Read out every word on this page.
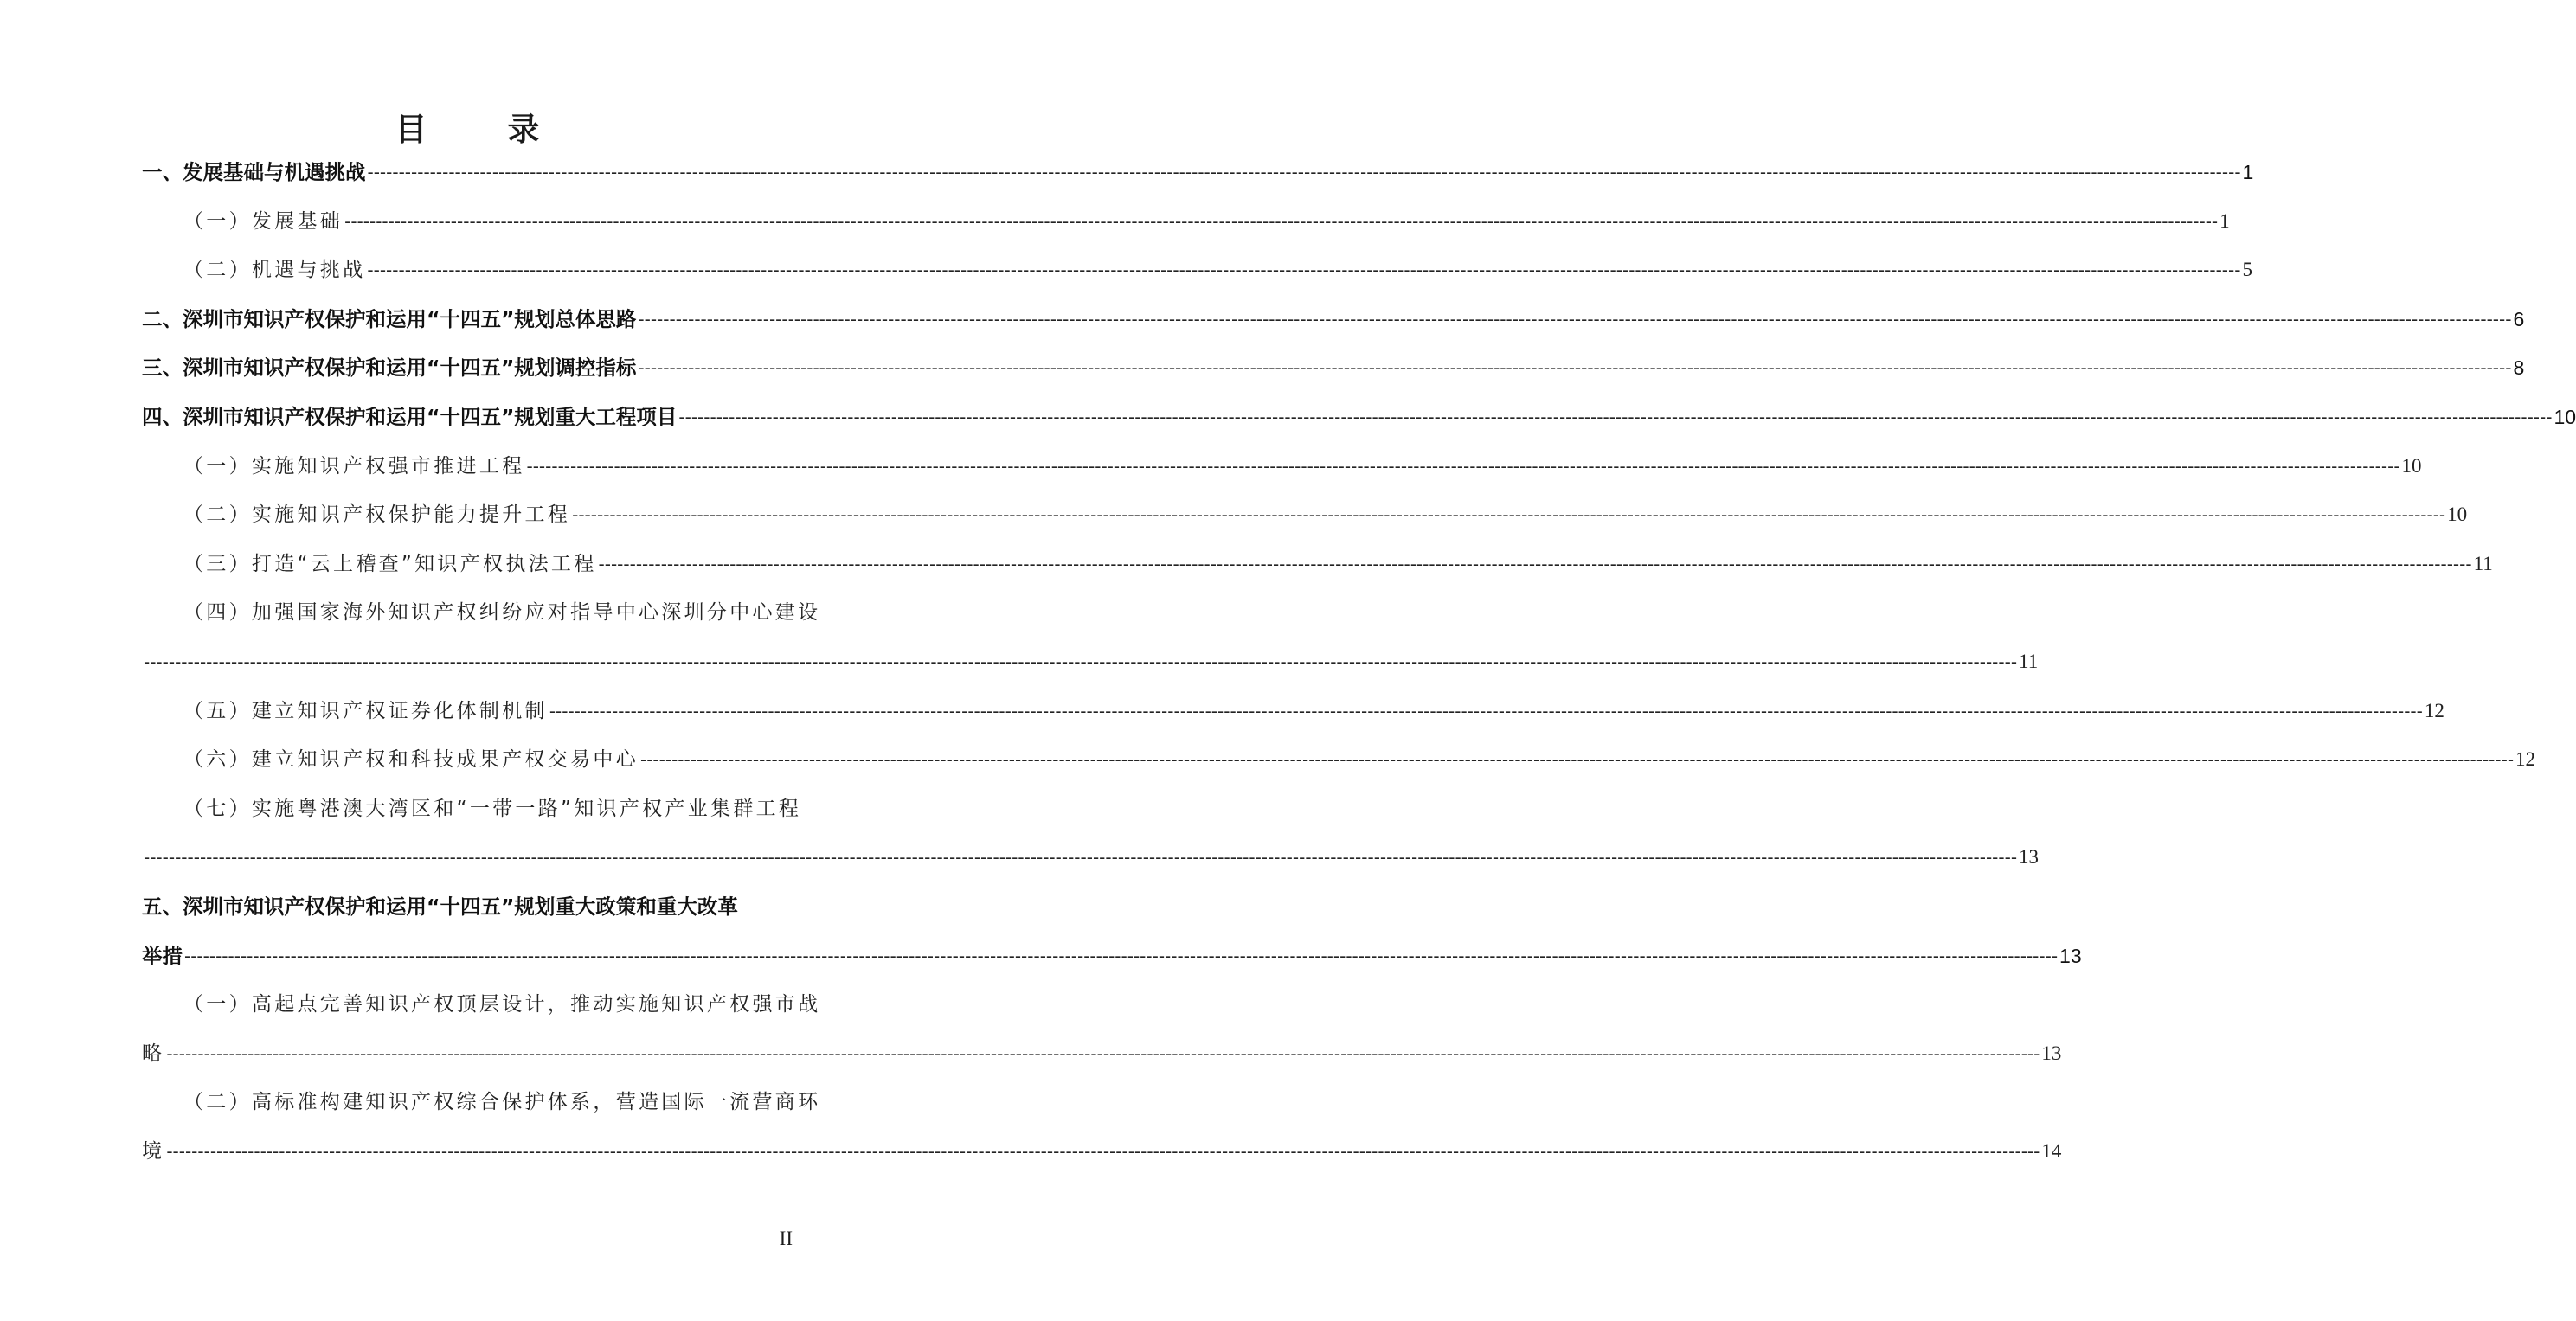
目 录
一、发展基础与机遇挑战 ------------------------------------------------------------------------------------------------------------------------------------------------------------------------------------------------------------------------------------------------------------------------------------------------------------ 1
（一）发展基础 ------------------------------------------------------------------------------------------------------------------------------------------------------------------------------------------------------------------------------------------------------------------------------------------------------------ 1
（二）机遇与挑战 ------------------------------------------------------------------------------------------------------------------------------------------------------------------------------------------------------------------------------------------------------------------------------------------------------------ 5
二、深圳市知识产权保护和运用“十四五”规划总体思路 ------------------------------------------------------------------------------------------------------------------------------------------------------------------------------------------------------------------------------------------------------------------------------------------------------------ 6
三、深圳市知识产权保护和运用“十四五”规划调控指标 ------------------------------------------------------------------------------------------------------------------------------------------------------------------------------------------------------------------------------------------------------------------------------------------------------------ 8
四、深圳市知识产权保护和运用“十四五”规划重大工程项目 ------------------------------------------------------------------------------------------------------------------------------------------------------------------------------------------------------------------------------------------------------------------------------------------------------------ 10
（一）实施知识产权强市推进工程 ------------------------------------------------------------------------------------------------------------------------------------------------------------------------------------------------------------------------------------------------------------------------------------------------------------ 10
（二）实施知识产权保护能力提升工程 ------------------------------------------------------------------------------------------------------------------------------------------------------------------------------------------------------------------------------------------------------------------------------------------------------------ 10
（三）打造“云上稽查”知识产权执法工程 ------------------------------------------------------------------------------------------------------------------------------------------------------------------------------------------------------------------------------------------------------------------------------------------------------------ 11
（四）加强国家海外知识产权纠纷应对指导中心深圳分中心建设
------------------------------------------------------------------------------------------------------------------------------------------------------------------------------------------------------------------------------------------------------------------------------------------------------------ 11
（五）建立知识产权证券化体制机制 ------------------------------------------------------------------------------------------------------------------------------------------------------------------------------------------------------------------------------------------------------------------------------------------------------------ 12
（六）建立知识产权和科技成果产权交易中心 ------------------------------------------------------------------------------------------------------------------------------------------------------------------------------------------------------------------------------------------------------------------------------------------------------------ 12
（七）实施粤港澳大湾区和“一带一路”知识产权产业集群工程
------------------------------------------------------------------------------------------------------------------------------------------------------------------------------------------------------------------------------------------------------------------------------------------------------------ 13
五、深圳市知识产权保护和运用“十四五”规划重大政策和重大改革
举措 ------------------------------------------------------------------------------------------------------------------------------------------------------------------------------------------------------------------------------------------------------------------------------------------------------------ 13
（一）高起点完善知识产权顶层设计，推动实施知识产权强市战
略 ------------------------------------------------------------------------------------------------------------------------------------------------------------------------------------------------------------------------------------------------------------------------------------------------------------ 13
（二）高标准构建知识产权综合保护体系，营造国际一流营商环
境 ------------------------------------------------------------------------------------------------------------------------------------------------------------------------------------------------------------------------------------------------------------------------------------------------------------ 14
II
